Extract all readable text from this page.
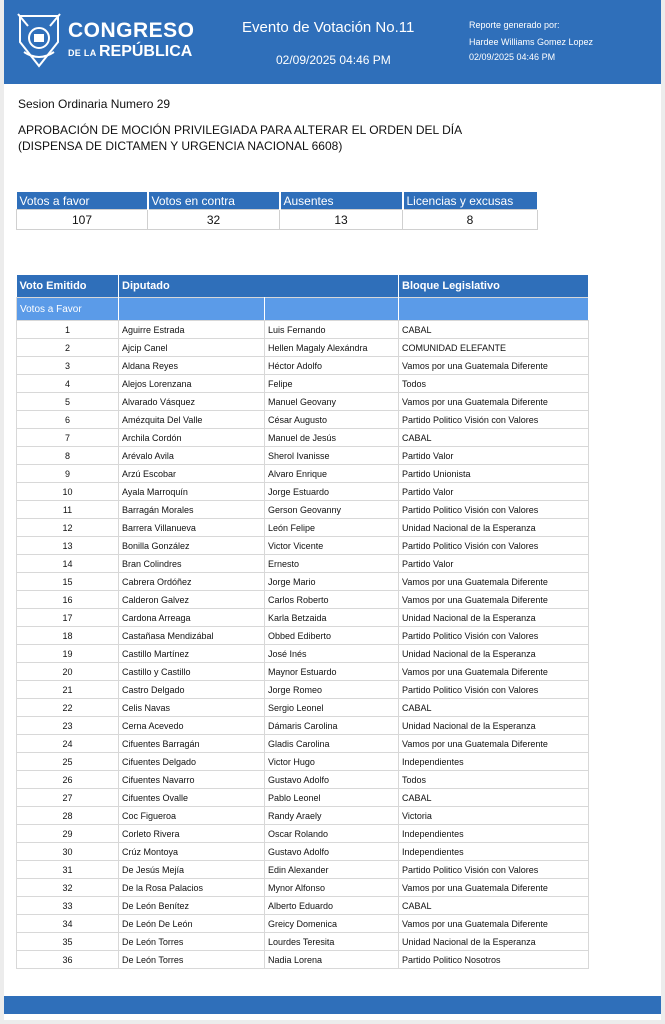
CONGRESO
DE LA REPÚBLICA
Evento de Votación No.11
02/09/2025 04:46 PM
Reporte generado por:
Hardee Williams Gomez Lopez
02/09/2025 04:46 PM
Sesion Ordinaria Numero 29
APROBACIÓN DE MOCIÓN PRIVILEGIADA PARA ALTERAR EL ORDEN DEL DÍA
(DISPENSA DE DICTAMEN Y URGENCIA NACIONAL 6608)
Votos a favor	Votos en contra	Ausentes	Licencias y excusas
107	32	13	8
Voto Emitido	Diputado		Bloque Legislativo
Votos a Favor			
1	Aguirre Estrada	Luis Fernando	CABAL
2	Ajcip Canel	Hellen Magaly Alexándra	COMUNIDAD ELEFANTE
3	Aldana Reyes	Héctor Adolfo	Vamos por una Guatemala Diferente
4	Alejos Lorenzana	Felipe	Todos
5	Alvarado Vásquez	Manuel Geovany	Vamos por una Guatemala Diferente
6	Amézquita Del Valle	César Augusto	Partido Politico Visión con Valores
7	Archila Cordón	Manuel de Jesús	CABAL
8	Arévalo Avila	Sherol Ivanisse	Partido Valor
9	Arzú Escobar	Alvaro Enrique	Partido Unionista
10	Ayala Marroquín	Jorge Estuardo	Partido Valor
11	Barragán Morales	Gerson Geovanny	Partido Politico Visión con Valores
12	Barrera Villanueva	León Felipe	Unidad Nacional de la Esperanza
13	Bonilla González	Victor Vicente	Partido Politico Visión con Valores
14	Bran Colindres	Ernesto	Partido Valor
15	Cabrera Ordóñez	Jorge Mario	Vamos por una Guatemala Diferente
16	Calderon Galvez	Carlos Roberto	Vamos por una Guatemala Diferente
17	Cardona Arreaga	Karla Betzaida	Unidad Nacional de la Esperanza
18	Castañasa Mendizábal	Obbed Ediberto	Partido Politico Visión con Valores
19	Castillo Martínez	José Inés	Unidad Nacional de la Esperanza
20	Castillo y Castillo	Maynor Estuardo	Vamos por una Guatemala Diferente
21	Castro Delgado	Jorge Romeo	Partido Politico Visión con Valores
22	Celis Navas	Sergio Leonel	CABAL
23	Cerna Acevedo	Dámaris Carolina	Unidad Nacional de la Esperanza
24	Cifuentes Barragán	Gladis Carolina	Vamos por una Guatemala Diferente
25	Cifuentes Delgado	Victor Hugo	Independientes
26	Cifuentes Navarro	Gustavo Adolfo	Todos
27	Cifuentes Ovalle	Pablo Leonel	CABAL
28	Coc Figueroa	Randy Araely	Victoria
29	Corleto Rivera	Oscar Rolando	Independientes
30	Crúz Montoya	Gustavo Adolfo	Independientes
31	De Jesús Mejía	Edin Alexander	Partido Politico Visión con Valores
32	De la Rosa Palacios	Mynor Alfonso	Vamos por una Guatemala Diferente
33	De León Benítez	Alberto Eduardo	CABAL
34	De León De León	Greicy Domenica	Vamos por una Guatemala Diferente
35	De León Torres	Lourdes Teresita	Unidad Nacional de la Esperanza
36	De León Torres	Nadia Lorena	Partido Politico Nosotros
